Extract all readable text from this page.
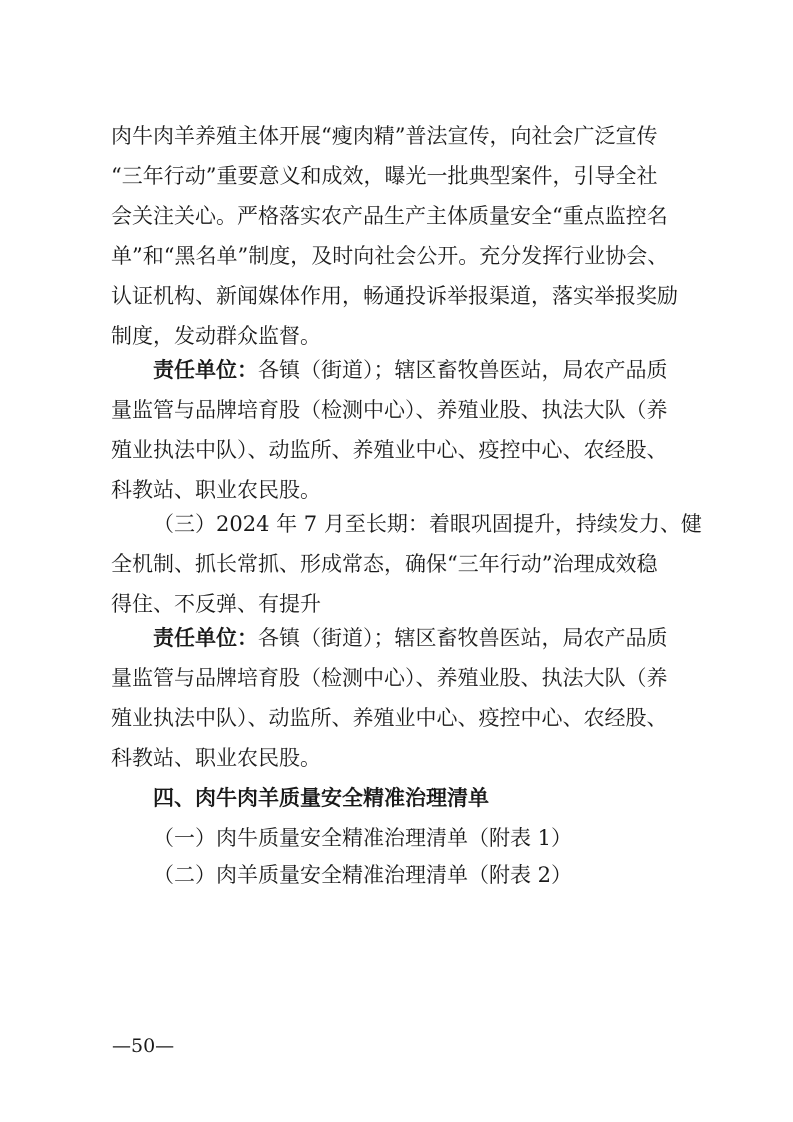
肉牛肉羊养殖主体开展“瘦肉精”普法宣传，向社会广泛宣传

“三年行动”重要意义和成效，曝光一批典型案件，引导全社

会关注关心。严格落实农产品生产主体质量安全“重点监控名

单”和“黑名单”制度，及时向社会公开。充分发挥行业协会、

认证机构、新闻媒体作用，畅通投诉举报渠道，落实举报奖励

制度，发动群众监督。

责任单位： 各镇（街道）；辖区畜牧兽医站，局农产品质

量监管与品牌培育股（检测中心）、养殖业股、执法大队（养

殖业执法中队）、动监所、养殖业中心、疫控中心、农经股、

科教站、职业农民股。

（三）2024 年 7 月至长期：着眼巩固提升，持续发力、健

全机制、抓长常抓、形成常态，确保“三年行动”治理成效稳

得住、不反弹、有提升

责任单位： 各镇（街道）；辖区畜牧兽医站，局农产品质

量监管与品牌培育股（检测中心）、养殖业股、执法大队（养

殖业执法中队）、动监所、养殖业中心、疫控中心、农经股、

科教站、职业农民股。

四、肉牛肉羊质量安全精准治理清单

（一）肉牛质量安全精准治理清单（附表 1）

（二）肉羊质量安全精准治理清单（附表 2）

—50—
